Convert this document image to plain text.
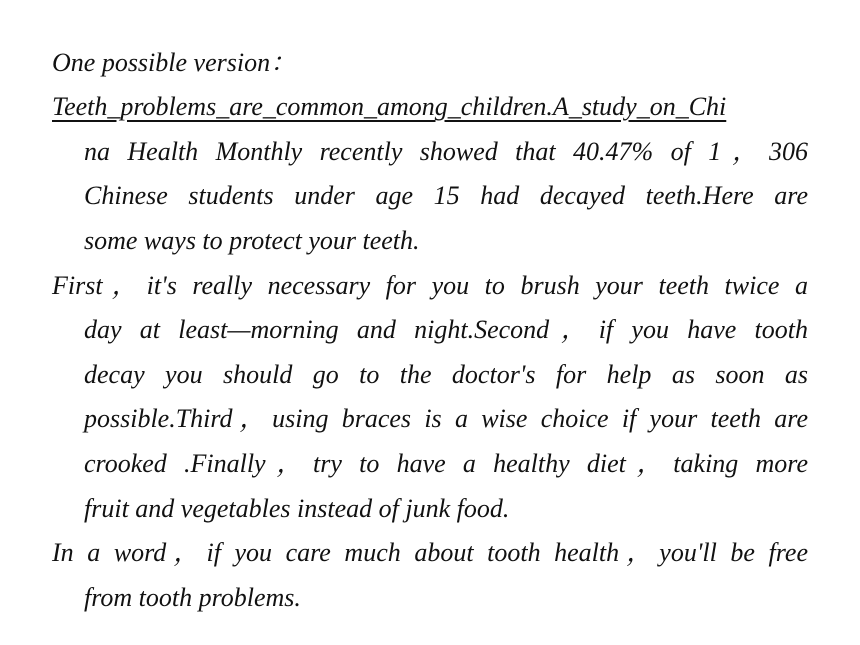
One possible version：
Teeth_problems_are_common_among_children.A_study_on_Chi
na Health Monthly recently showed that 40.47% of 1，306
Chinese students under age 15 had decayed teeth.Here are
some ways to protect your teeth.
First，it's really necessary for you to brush your teeth twice a
day at least—morning and night.Second，if you have tooth
decay you should go to the doctor's for help as soon as
possible.Third，using braces is a wise choice if your teeth are
crooked .Finally，try to have a healthy diet，taking more
fruit and vegetables instead of junk food.
In a word，if you care much about tooth health，you'll be free
from tooth problems.
